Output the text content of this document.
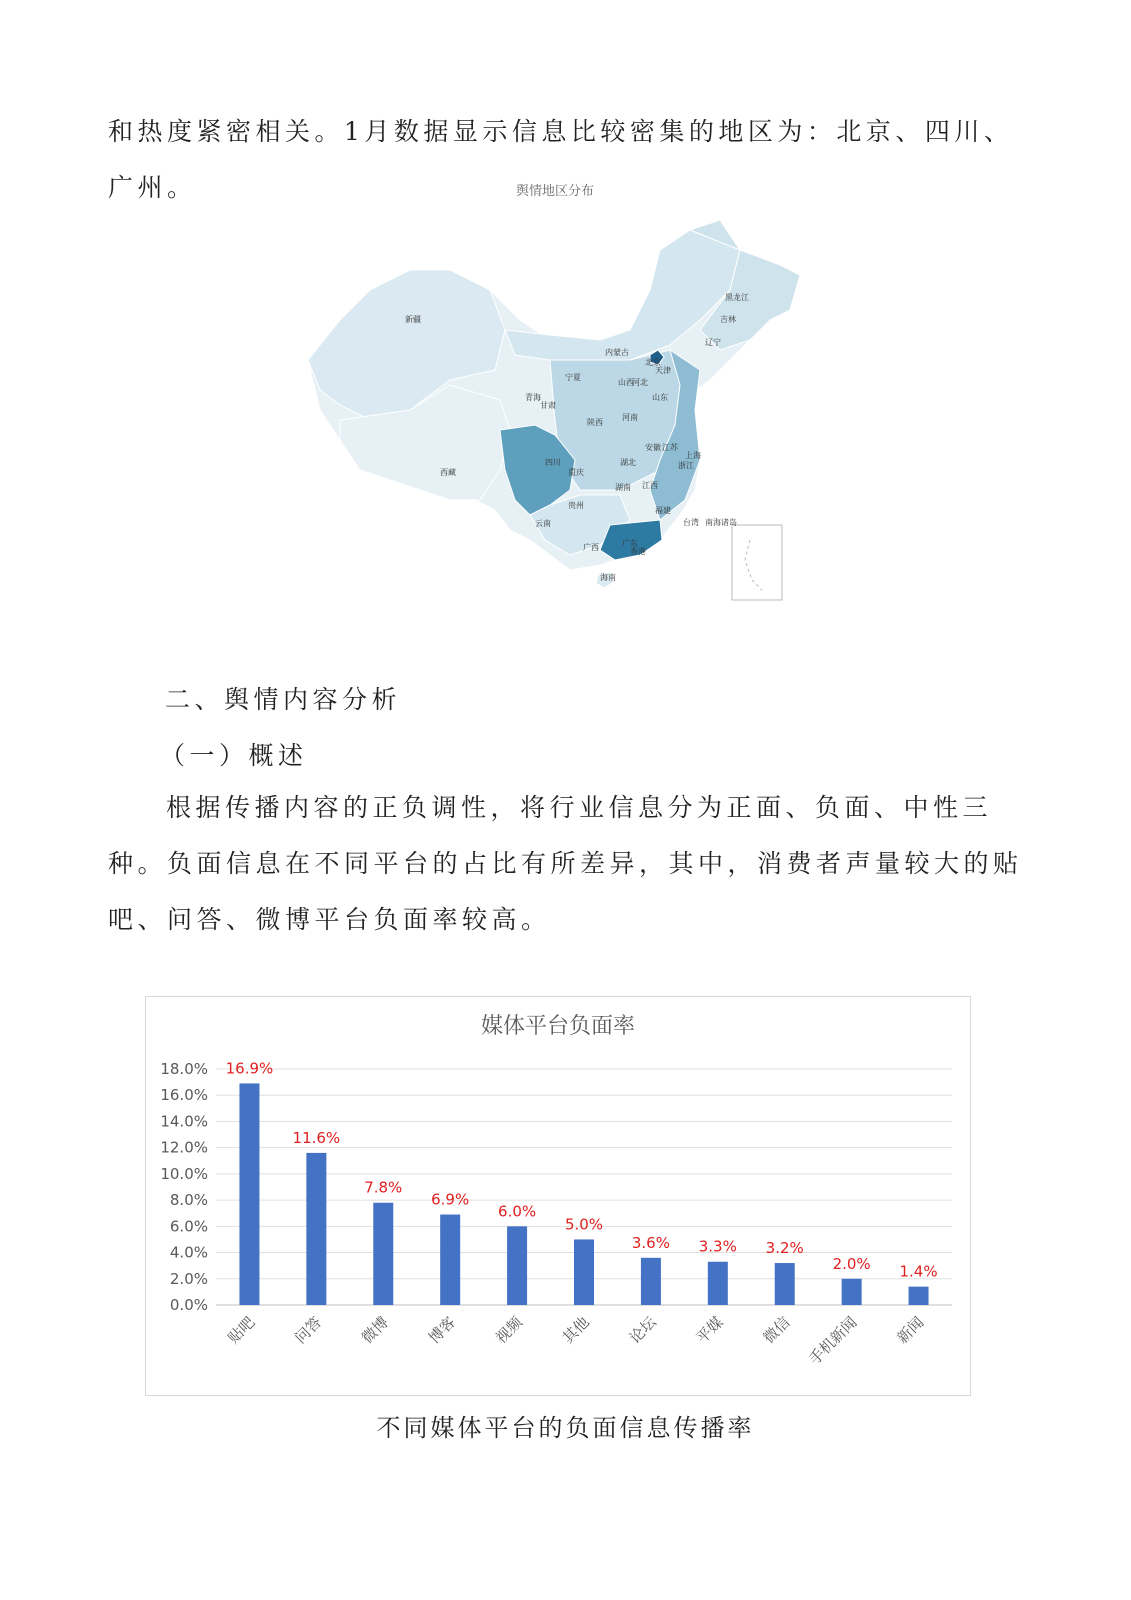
和热度紧密相关。1月数据显示信息比较密集的地区为：北京、四川、广州。	舆情地区分布
新疆
西藏
青海
甘肃
宁夏
内蒙古
黑龙江
吉林
辽宁
北京
天津
山西
河北
山东
陕西
河南
四川
重庆
湖北
安徽 江苏
上海
浙江
湖南 江西
贵州
云南
广西	广东
福建
台湾
香港
海南
南海诸岛

二、舆情内容分析

（一）概述

根据传播内容的正负调性，将行业信息分为正面、负面、中性三种。负面信息在不同平台的占比有所差异，其中，消费者声量较大的贴吧、问答、微博平台负面率较高。

0.0%
2.0%
4.0%
6.0%
8.0%
10.0%
12.0%
14.0%
16.0%
18.0% 16.9%
贴吧
11.6%
问答
7.8%
微博
6.9%
博客
6.0%
视频
5.0%
其他
3.6%
论坛
3.3%
平媒
3.2%
微信
2.0%
手机新闻
1.4%
新闻
媒体平台负面率
不同媒体平台的负面信息传播率
